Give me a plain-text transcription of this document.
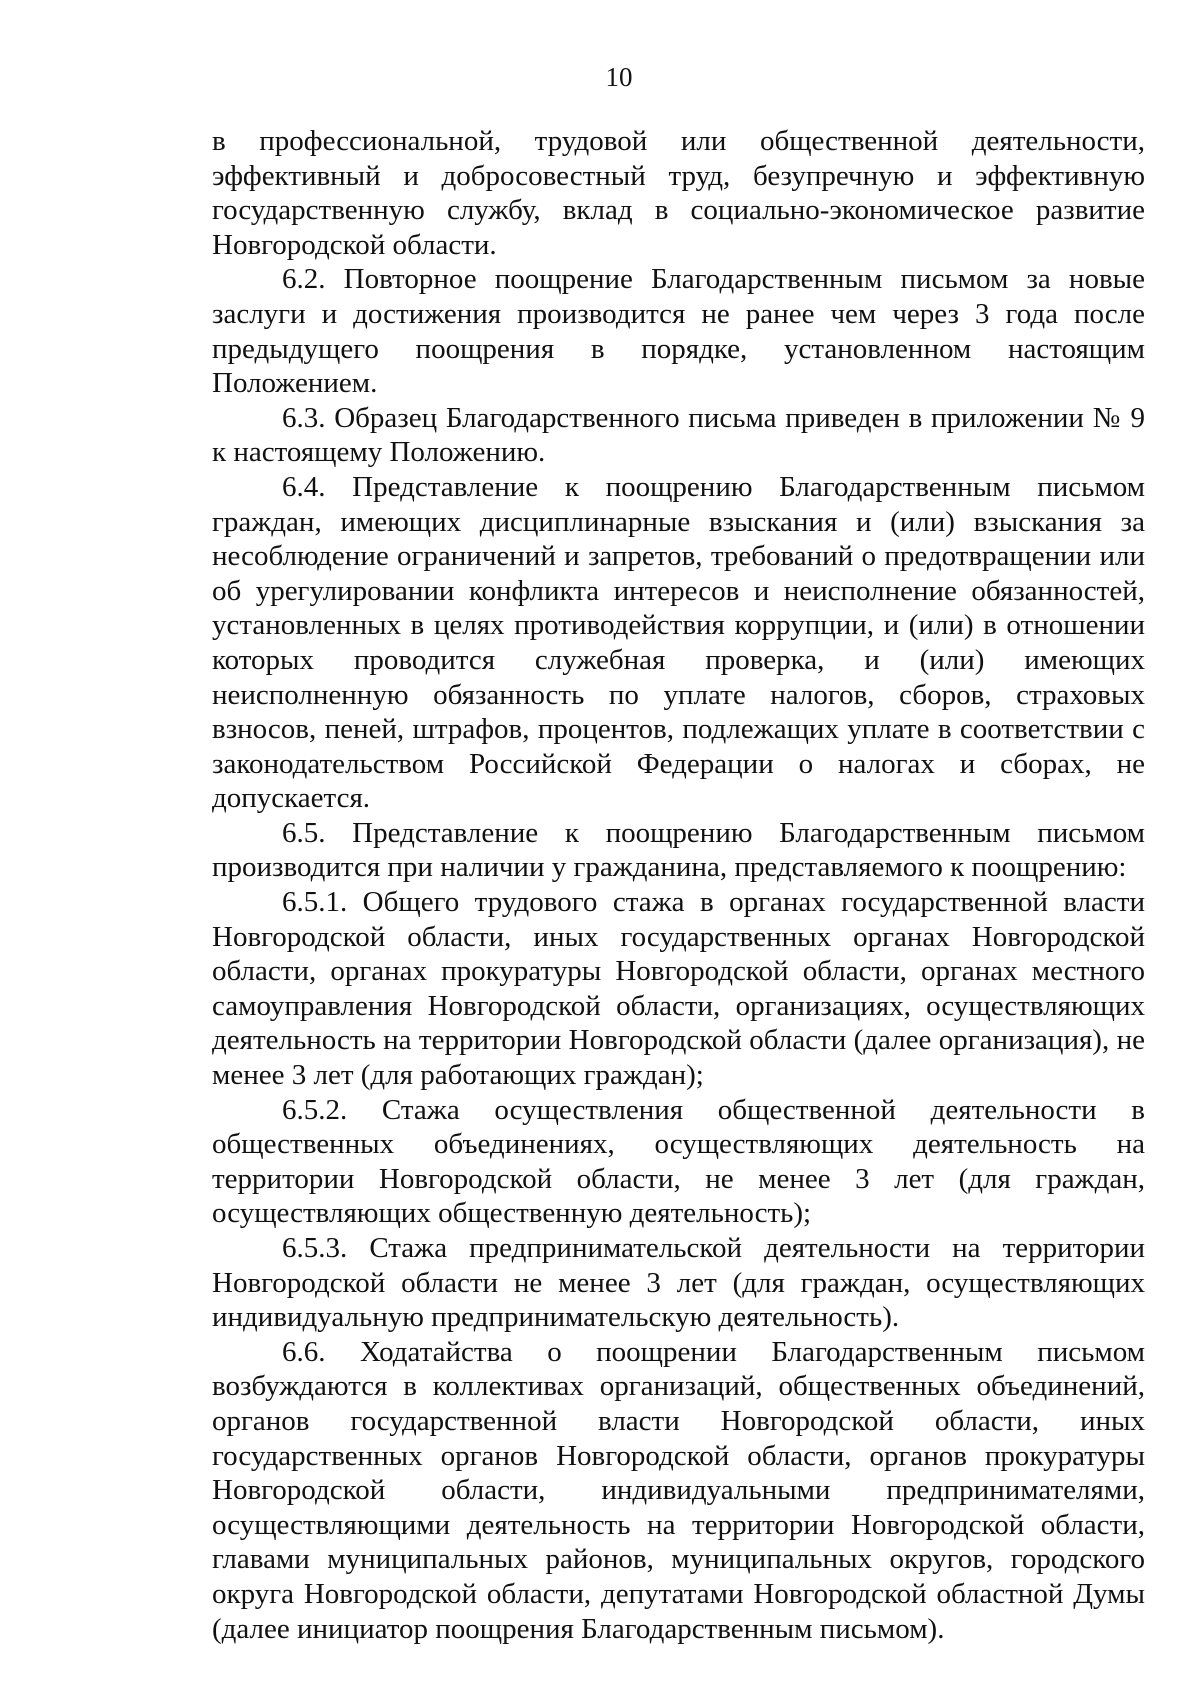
10

в профессиональной, трудовой или общественной деятельности, эффективный и добросовестный труд, безупречную и эффективную государственную службу, вклад в социально-экономическое развитие Новгородской области.

6.2. Повторное поощрение Благодарственным письмом за новые заслуги и достижения производится не ранее чем через 3 года после предыдущего поощрения в порядке, установленном настоящим Положением.

6.3. Образец Благодарственного письма приведен в приложении № 9 к настоящему Положению.

6.4. Представление к поощрению Благодарственным письмом граждан, имеющих дисциплинарные взыскания и (или) взыскания за несоблюдение ограничений и запретов, требований о предотвращении или об урегулировании конфликта интересов и неисполнение обязанностей, установленных в целях противодействия коррупции, и (или) в отношении которых проводится служебная проверка, и (или) имеющих неисполненную обязанность по уплате налогов, сборов, страховых взносов, пеней, штрафов, процентов, подлежащих уплате в соответствии с законодательством Российской Федерации о налогах и сборах, не допускается.

6.5. Представление к поощрению Благодарственным письмом производится при наличии у гражданина, представляемого к поощрению:

6.5.1. Общего трудового стажа в органах государственной власти Новгородской области, иных государственных органах Новгородской области, органах прокуратуры Новгородской области, органах местного самоуправления Новгородской области, организациях, осуществляющих деятельность на территории Новгородской области (далее организация), не менее 3 лет (для работающих граждан);

6.5.2. Стажа осуществления общественной деятельности в общественных объединениях, осуществляющих деятельность на территории Новгородской области, не менее 3 лет (для граждан, осуществляющих общественную деятельность);

6.5.3. Стажа предпринимательской деятельности на территории Новгородской области не менее 3 лет (для граждан, осуществляющих индивидуальную предпринимательскую деятельность).

6.6. Ходатайства о поощрении Благодарственным письмом возбуждаются в коллективах организаций, общественных объединений, органов государственной власти Новгородской области, иных государственных органов Новгородской области, органов прокуратуры Новгородской области, индивидуальными предпринимателями, осуществляющими деятельность на территории Новгородской области, главами муниципальных районов, муниципальных округов, городского округа Новгородской области, депутатами Новгородской областной Думы (далее инициатор поощрения Благодарственным письмом).
